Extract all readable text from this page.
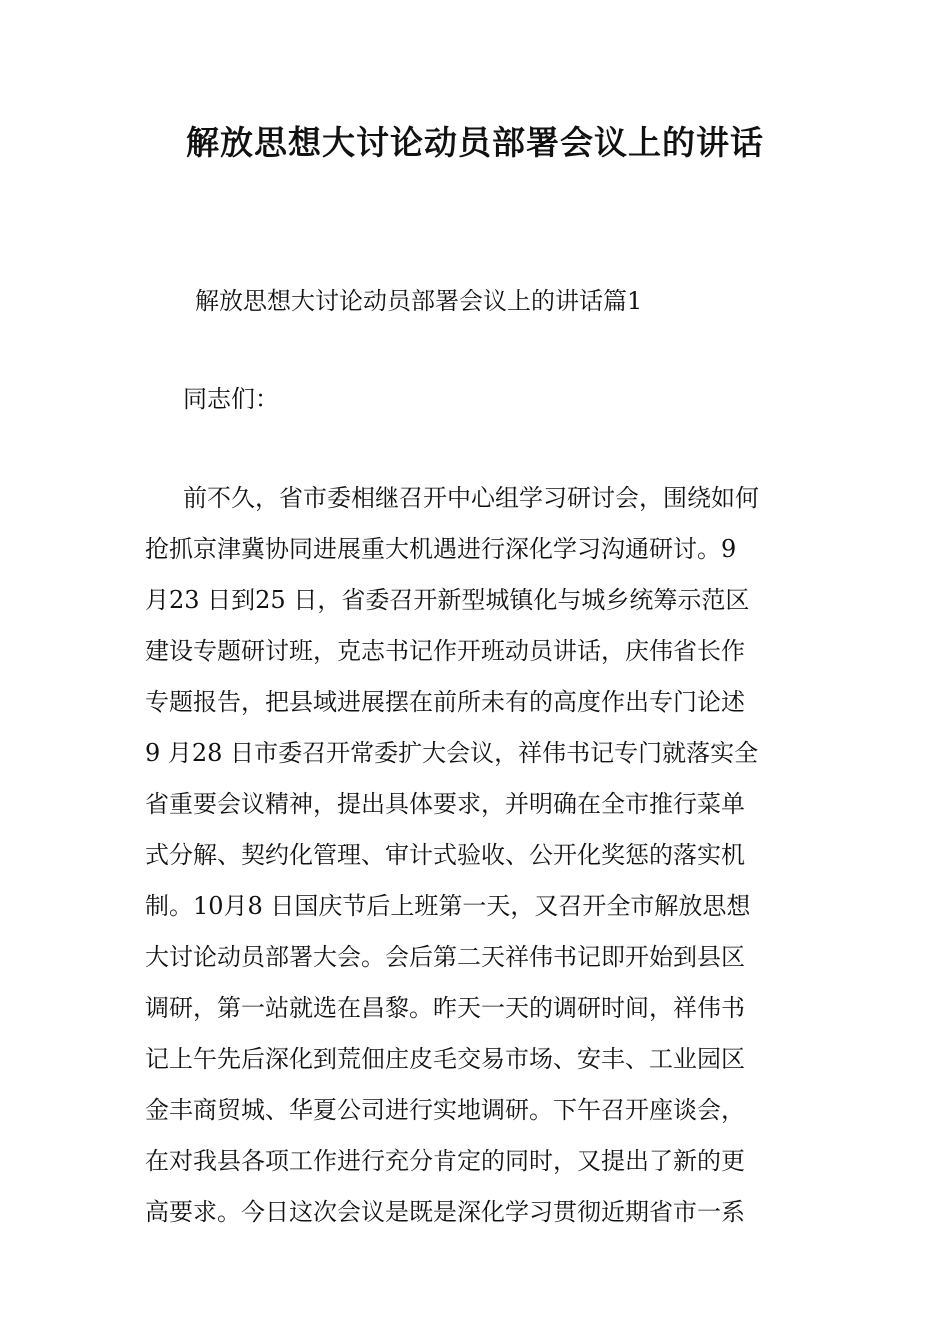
解放思想大讨论动员部署会议上的讲话

解放思想大讨论动员部署会议上的讲话篇1

同志们：

前不久，省市委相继召开中心组学习研讨会，围绕如何
抢抓京津冀协同进展重大机遇进行深化学习沟通研讨。9
月23 日到25 日，省委召开新型城镇化与城乡统筹示范区
建设专题研讨班，克志书记作开班动员讲话，庆伟省长作
专题报告，把县域进展摆在前所未有的高度作出专门论述
9 月28 日市委召开常委扩大会议，祥伟书记专门就落实全
省重要会议精神，提出具体要求，并明确在全市推行菜单
式分解、契约化管理、审计式验收、公开化奖惩的落实机
制。10月8 日国庆节后上班第一天，又召开全市解放思想
大讨论动员部署大会。会后第二天祥伟书记即开始到县区
调研，第一站就选在昌黎。昨天一天的调研时间，祥伟书
记上午先后深化到荒佃庄皮毛交易市场、安丰、工业园区
金丰商贸城、华夏公司进行实地调研。下午召开座谈会，
在对我县各项工作进行充分肯定的同时，又提出了新的更
高要求。今日这次会议是既是深化学习贯彻近期省市一系
